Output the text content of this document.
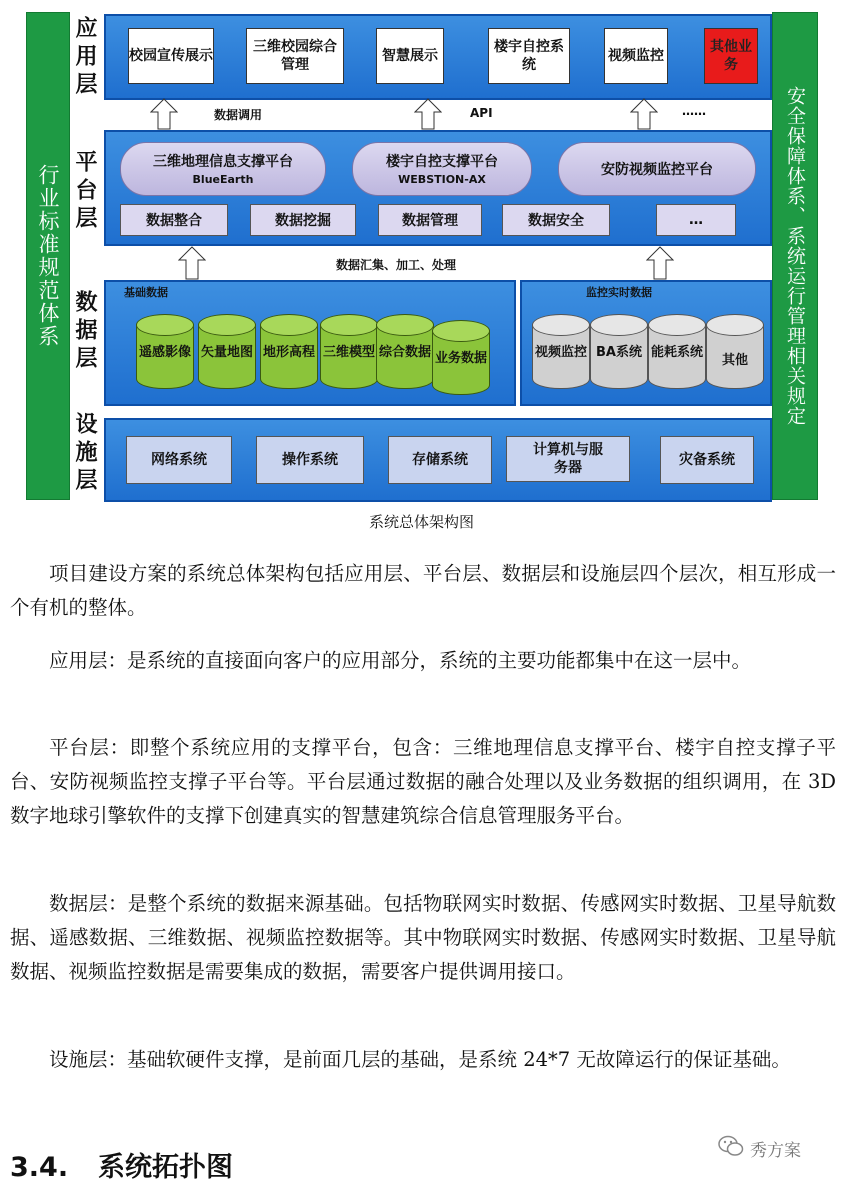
行业标准规范体系	安全保障体系、系统运行管理相关规定
应用层
平台层
数据层
设施层
校园宣传展示
三维校园综合管理
智慧展示
楼宇自控系统
视频监控
其他业务
数据调用	API	……
三维地理信息支撑平台
BlueEarth
楼宇自控支撑平台
WEBSTION-AX
安防视频监控平台
数据整合	数据挖掘	数据管理	数据安全	…
数据汇集、加工、处理
基础数据
遥感影像 矢量地图 地形高程 三维模型 综合数据 业务数据
监控实时数据
视频监控 BA系统 能耗系统
其他
网络系统	操作系统	存储系统
计算机与服务器	灾备系统
系统总体架构图

项目建设方案的系统总体架构包括应用层、平台层、数据层和设施层四个层次，相互形成一个有机的整体。

应用层：是系统的直接面向客户的应用部分，系统的主要功能都集中在这一层中。

平台层：即整个系统应用的支撑平台，包含：三维地理信息支撑平台、楼宇自控支撑子平台、安防视频监控支撑子平台等。平台层通过数据的融合处理以及业务数据的组织调用，在 3D 数字地球引擎软件的支撑下创建真实的智慧建筑综合信息管理服务平台。

数据层：是整个系统的数据来源基础。包括物联网实时数据、传感网实时数据、卫星导航数据、遥感数据、三维数据、视频监控数据等。其中物联网实时数据、传感网实时数据、卫星导航数据、视频监控数据是需要集成的数据，需要客户提供调用接口。

设施层：基础软硬件支撑，是前面几层的基础，是系统 24*7 无故障运行的保证基础。

3.4. 系统拓扑图
秀方案
